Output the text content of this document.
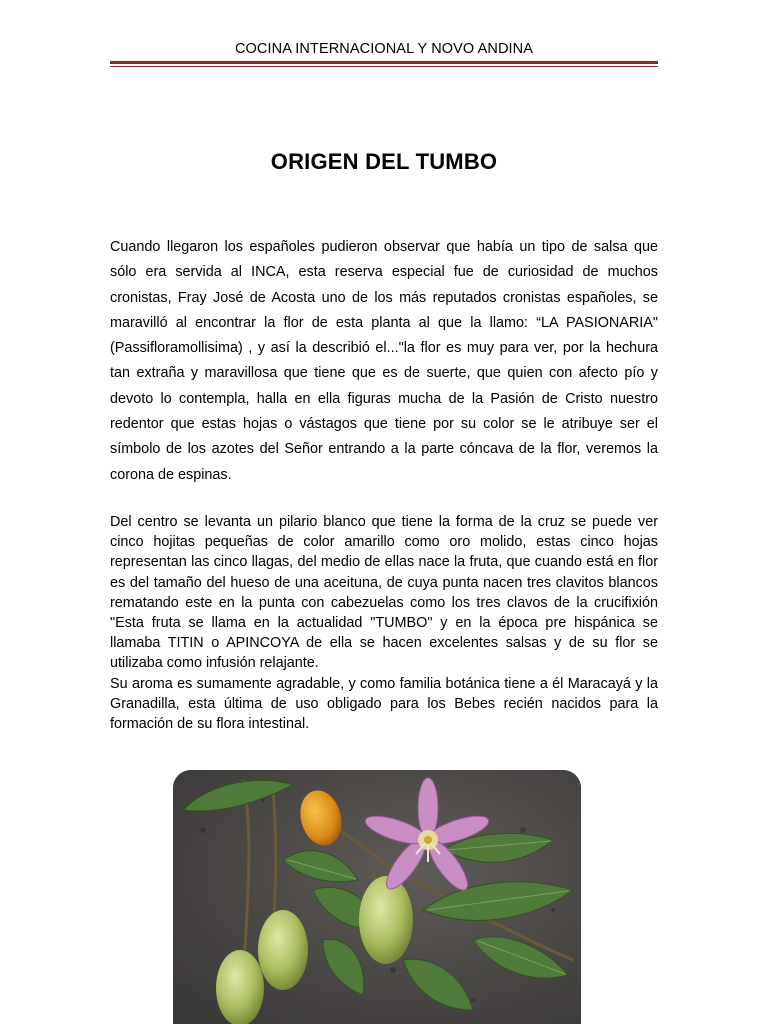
COCINA INTERNACIONAL Y NOVO ANDINA
ORIGEN DEL TUMBO

Cuando llegaron los españoles pudieron observar que había un tipo de salsa que sólo era servida al INCA, esta reserva especial fue de curiosidad de muchos cronistas, Fray José de Acosta uno de los más reputados cronistas españoles, se maravilló al encontrar la flor de esta planta al que la llamo: “LA PASIONARIA" (Passifloramollisima) , y así la describió el..."la flor es muy para ver, por la hechura tan extraña y maravillosa que tiene que es de suerte, que quien con afecto pío y devoto lo contempla, halla en ella figuras mucha de la Pasión de Cristo nuestro redentor que estas hojas o vástagos que tiene por su color se le atribuye ser el símbolo de los azotes del Señor entrando a la parte cóncava de la flor, veremos la corona de espinas.

Del centro se levanta un pilario blanco que tiene la forma de la cruz se puede ver cinco hojitas pequeñas de color amarillo como oro molido, estas cinco hojas representan las cinco llagas, del medio de ellas nace la fruta, que cuando está en flor es del tamaño del hueso de una aceituna, de cuya punta nacen tres clavitos blancos rematando este en la punta con cabezuelas como los tres clavos de la crucifixión "Esta fruta se llama en la actualidad "TUMBO" y en la época pre hispánica se llamaba TITIN o APINCOYA de ella se hacen excelentes salsas y de su flor se utilizaba como infusión relajante.

Su aroma es sumamente agradable, y como familia botánica tiene a él Maracayá y la Granadilla, esta última de uso obligado para los Bebes recién nacidos para la formación de su flora intestinal.
